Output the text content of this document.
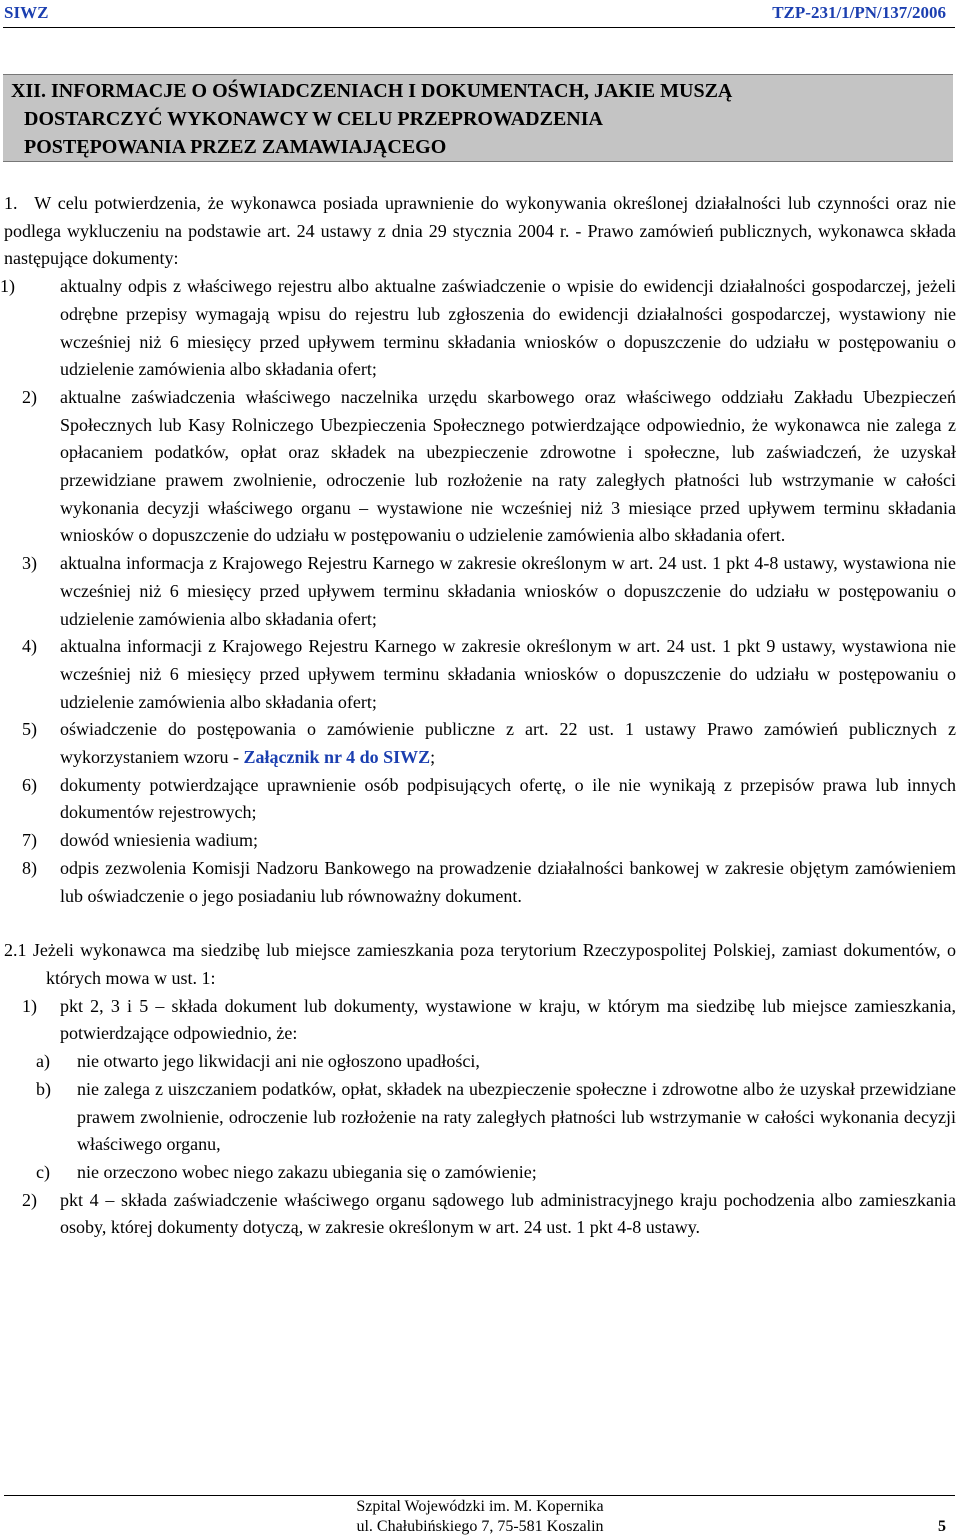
SIWZ	TZP-231/1/PN/137/2006
XII. INFORMACJE O OŚWIADCZENIACH I DOKUMENTACH, JAKIE MUSZĄ
DOSTARCZYĆ WYKONAWCY W CELU PRZEPROWADZENIA
POSTĘPOWANIA PRZEZ ZAMAWIAJĄCEGO

1. W celu potwierdzenia, że wykonawca posiada uprawnienie do wykonywania określonej działalności lub czynności oraz nie podlega wykluczeniu na podstawie art. 24 ustawy z dnia 29 stycznia 2004 r. - Prawo zamówień publicznych, wykonawca składa następujące dokumenty:

1)	aktualny odpis z właściwego rejestru albo aktualne zaświadczenie o wpisie do ewidencji działalności gospodarczej, jeżeli odrębne przepisy wymagają wpisu do rejestru lub zgłoszenia do ewidencji działalności gospodarczej, wystawiony nie wcześniej niż 6 miesięcy przed upływem terminu składania wniosków o dopuszczenie do udziału w postępowaniu o udzielenie zamówienia albo składania ofert;
2) aktualne zaświadczenia właściwego naczelnika urzędu skarbowego oraz właściwego oddziału Zakładu Ubezpieczeń Społecznych lub Kasy Rolniczego Ubezpieczenia Społecznego potwierdzające odpowiednio, że wykonawca nie zalega z opłacaniem podatków, opłat oraz składek na ubezpieczenie zdrowotne i społeczne, lub zaświadczeń, że uzyskał przewidziane prawem zwolnienie, odroczenie lub rozłożenie na raty zaległych płatności lub wstrzymanie w całości wykonania decyzji właściwego organu – wystawione nie wcześniej niż 3 miesiące przed upływem terminu składania wniosków o dopuszczenie do udziału w postępowaniu o udzielenie zamówienia albo składania ofert.
3) aktualna informacja z Krajowego Rejestru Karnego w zakresie określonym w art. 24 ust. 1 pkt 4-8 ustawy, wystawiona nie wcześniej niż 6 miesięcy przed upływem terminu składania wniosków o dopuszczenie do udziału w postępowaniu o udzielenie zamówienia albo składania ofert;
4) aktualna informacji z Krajowego Rejestru Karnego w zakresie określonym w art. 24 ust. 1 pkt 9 ustawy, wystawiona nie wcześniej niż 6 miesięcy przed upływem terminu składania wniosków o dopuszczenie do udziału w postępowaniu o udzielenie zamówienia albo składania ofert;
5) oświadczenie do postępowania o zamówienie publiczne z art. 22 ust. 1 ustawy Prawo zamówień publicznych z wykorzystaniem wzoru - Załącznik nr 4 do SIWZ;
6) dokumenty potwierdzające uprawnienie osób podpisujących ofertę, o ile nie wynikają z przepisów prawa lub innych dokumentów rejestrowych;
7) dowód wniesienia wadium;
8) odpis zezwolenia Komisji Nadzoru Bankowego na prowadzenie działalności bankowej w zakresie objętym zamówieniem lub oświadczenie o jego posiadaniu lub równoważny dokument.

2.1 Jeżeli wykonawca ma siedzibę lub miejsce zamieszkania poza terytorium Rzeczypospolitej Polskiej, zamiast dokumentów, o których mowa w ust. 1:

1) pkt 2, 3 i 5 – składa dokument lub dokumenty, wystawione w kraju, w którym ma siedzibę lub miejsce zamieszkania, potwierdzające odpowiednio, że:
a) nie otwarto jego likwidacji ani nie ogłoszono upadłości,
b) nie zalega z uiszczaniem podatków, opłat, składek na ubezpieczenie społeczne i zdrowotne albo że uzyskał przewidziane prawem zwolnienie, odroczenie lub rozłożenie na raty zaległych płatności lub wstrzymanie w całości wykonania decyzji właściwego organu,
c) nie orzeczono wobec niego zakazu ubiegania się o zamówienie;
2) pkt 4 – składa zaświadczenie właściwego organu sądowego lub administracyjnego kraju pochodzenia albo zamieszkania osoby, której dokumenty dotyczą, w zakresie określonym w art. 24 ust. 1 pkt 4-8 ustawy.
Szpital Wojewódzki im. M. Kopernika
ul. Chałubińskiego 7, 75-581 Koszalin	5
